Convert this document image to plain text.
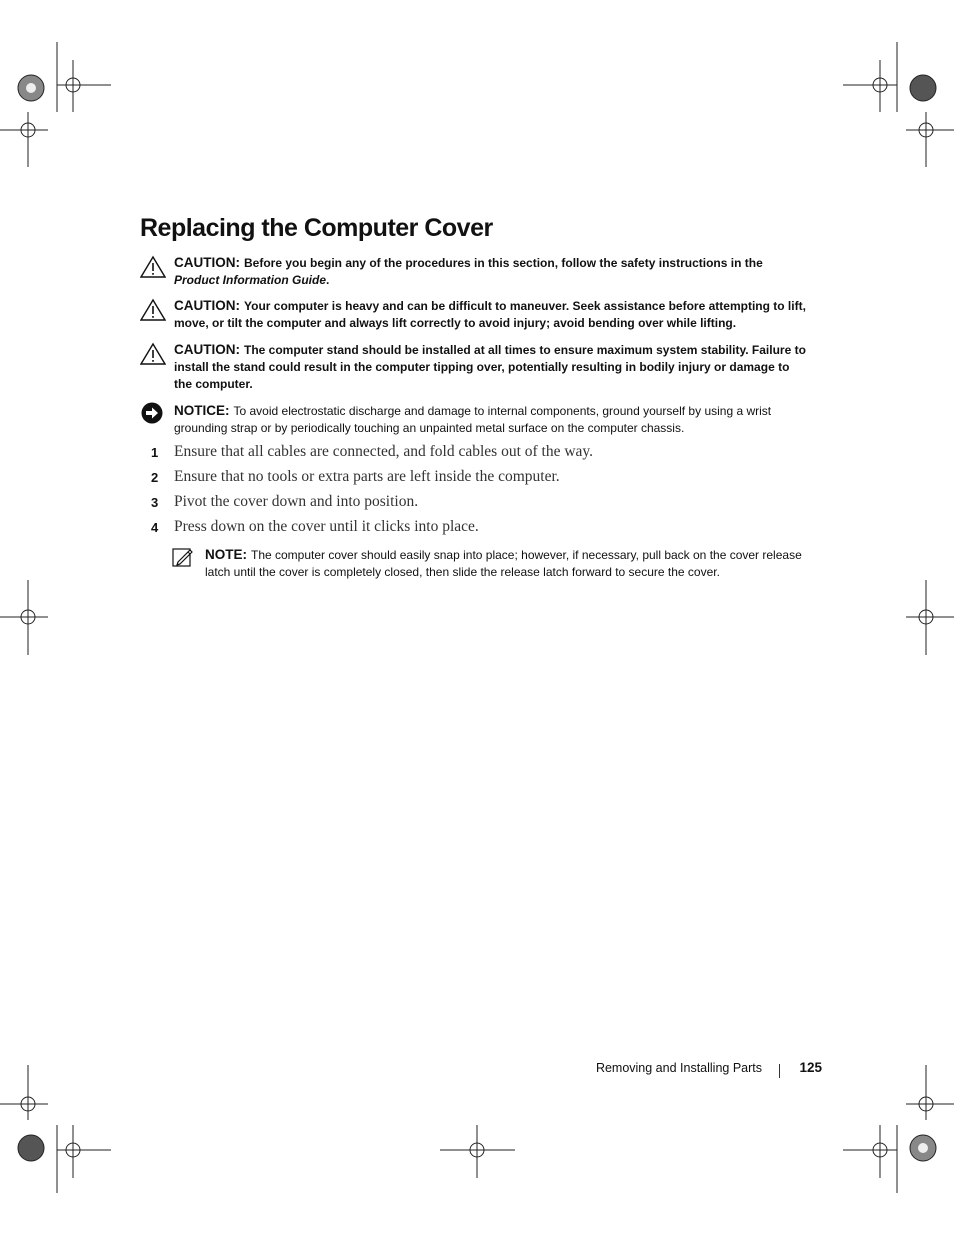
Replacing the Computer Cover
CAUTION: Before you begin any of the procedures in this section, follow the safety instructions in the Product Information Guide.
CAUTION: Your computer is heavy and can be difficult to maneuver. Seek assistance before attempting to lift, move, or tilt the computer and always lift correctly to avoid injury; avoid bending over while lifting.
CAUTION: The computer stand should be installed at all times to ensure maximum system stability. Failure to install the stand could result in the computer tipping over, potentially resulting in bodily injury or damage to the computer.
NOTICE: To avoid electrostatic discharge and damage to internal components, ground yourself by using a wrist grounding strap or by periodically touching an unpainted metal surface on the computer chassis.
1 Ensure that all cables are connected, and fold cables out of the way.
2 Ensure that no tools or extra parts are left inside the computer.
3 Pivot the cover down and into position.
4 Press down on the cover until it clicks into place.
NOTE: The computer cover should easily snap into place; however, if necessary, pull back on the cover release latch until the cover is completely closed, then slide the release latch forward to secure the cover.
Removing and Installing Parts	125
